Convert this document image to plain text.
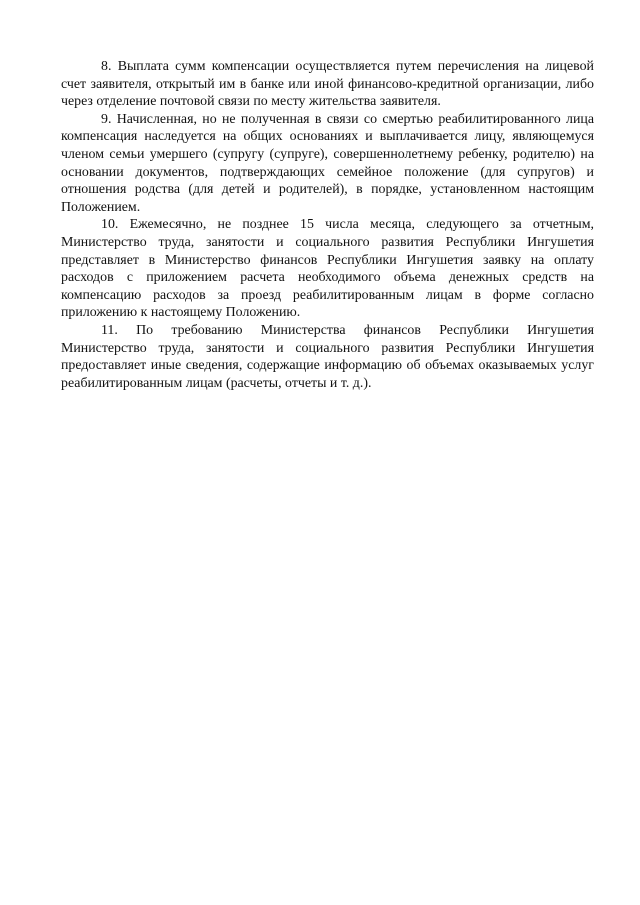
8. Выплата сумм компенсации осуществляется путем перечисления на лицевой счет заявителя, открытый им в банке или иной финансово-кредитной организации, либо через отделение почтовой связи по месту жительства заявителя.

9. Начисленная, но не полученная в связи со смертью реабилитированного лица компенсация наследуется на общих основаниях и выплачивается лицу, являющемуся членом семьи умершего (супругу (супруге), совершеннолетнему ребенку, родителю) на основании документов, подтверждающих семейное положение (для супругов) и отношения родства (для детей и родителей), в порядке, установленном настоящим Положением.

10. Ежемесячно, не позднее 15 числа месяца, следующего за отчетным, Министерство труда, занятости и социального развития Республики Ингушетия представляет в Министерство финансов Республики Ингушетия заявку на оплату расходов с приложением расчета необходимого объема денежных средств на компенсацию расходов за проезд реабилитированным лицам в форме согласно приложению к настоящему Положению.

11. По требованию Министерства финансов Республики Ингушетия Министерство труда, занятости и социального развития Республики Ингушетия предоставляет иные сведения, содержащие информацию об объемах оказываемых услуг реабилитированным лицам (расчеты, отчеты и т. д.).
